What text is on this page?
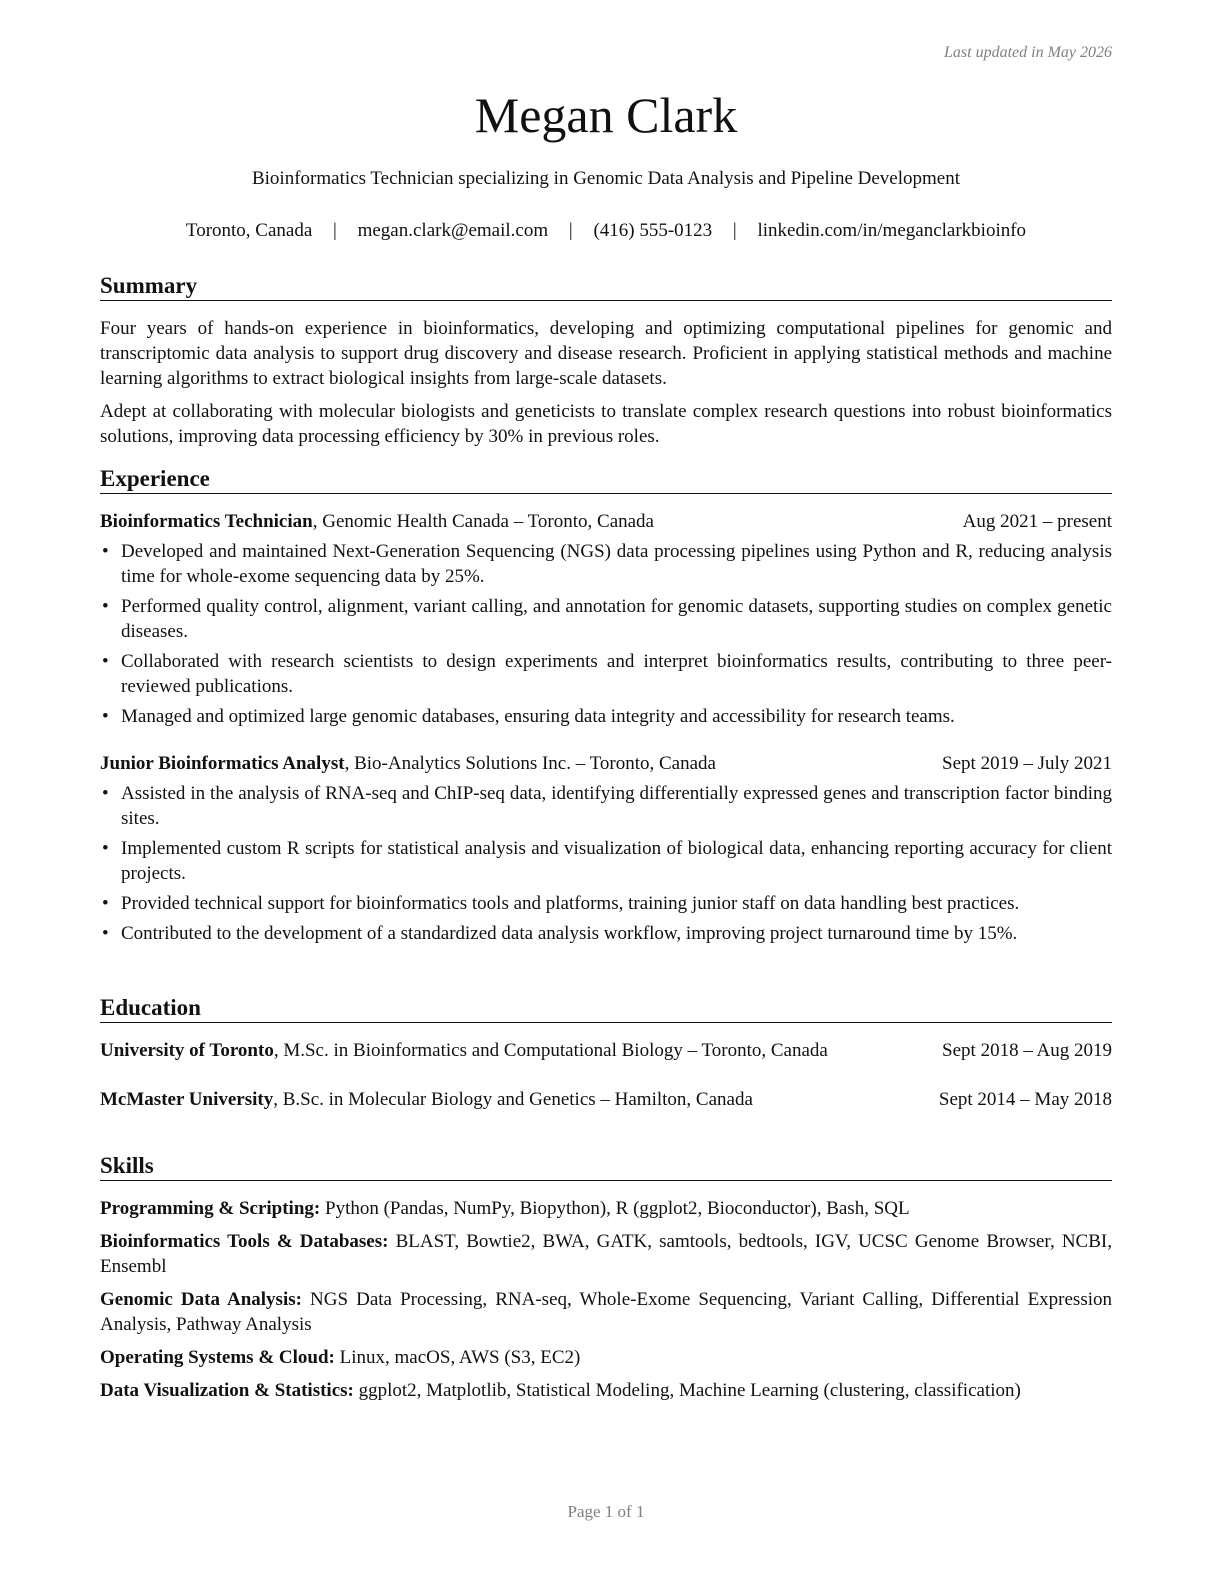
Last updated in May 2026
Megan Clark
Bioinformatics Technician specializing in Genomic Data Analysis and Pipeline Development
Toronto, Canada | megan.clark@email.com | (416) 555-0123 | linkedin.com/in/meganclarkbioinfo
Summary

Four years of hands-on experience in bioinformatics, developing and optimizing computational pipelines for genomic and transcriptomic data analysis to support drug discovery and disease research. Proficient in applying statistical methods and machine learning algorithms to extract biological insights from large-scale datasets.

Adept at collaborating with molecular biologists and geneticists to translate complex research questions into robust bioinformatics solutions, improving data processing efficiency by 30% in previous roles.

Experience
Bioinformatics Technician, Genomic Health Canada – Toronto, Canada	Aug 2021 – present
• Developed and maintained Next-Generation Sequencing (NGS) data processing pipelines using Python and R, reducing analysis time for whole-exome sequencing data by 25%.
• Performed quality control, alignment, variant calling, and annotation for genomic datasets, supporting studies on complex genetic diseases.
• Collaborated with research scientists to design experiments and interpret bioinformatics results, contributing to three peer-reviewed publications.
• Managed and optimized large genomic databases, ensuring data integrity and accessibility for research teams.
Junior Bioinformatics Analyst, Bio-Analytics Solutions Inc. – Toronto, Canada	Sept 2019 – July 2021
• Assisted in the analysis of RNA-seq and ChIP-seq data, identifying differentially expressed genes and transcription factor binding sites.
• Implemented custom R scripts for statistical analysis and visualization of biological data, enhancing reporting accuracy for client projects.
• Provided technical support for bioinformatics tools and platforms, training junior staff on data handling best practices.
• Contributed to the development of a standardized data analysis workflow, improving project turnaround time by 15%.
Education
University of Toronto, M.Sc. in Bioinformatics and Computational Biology – Toronto, Canada	Sept 2018 – Aug 2019
McMaster University, B.Sc. in Molecular Biology and Genetics – Hamilton, Canada	Sept 2014 – May 2018
Skills
Programming & Scripting: Python (Pandas, NumPy, Biopython), R (ggplot2, Bioconductor), Bash, SQL
Bioinformatics Tools & Databases: BLAST, Bowtie2, BWA, GATK, samtools, bedtools, IGV, UCSC Genome Browser, NCBI, Ensembl
Genomic Data Analysis: NGS Data Processing, RNA-seq, Whole-Exome Sequencing, Variant Calling, Differential Expression Analysis, Pathway Analysis
Operating Systems & Cloud: Linux, macOS, AWS (S3, EC2)
Data Visualization & Statistics: ggplot2, Matplotlib, Statistical Modeling, Machine Learning (clustering, classification)
Page 1 of 1
